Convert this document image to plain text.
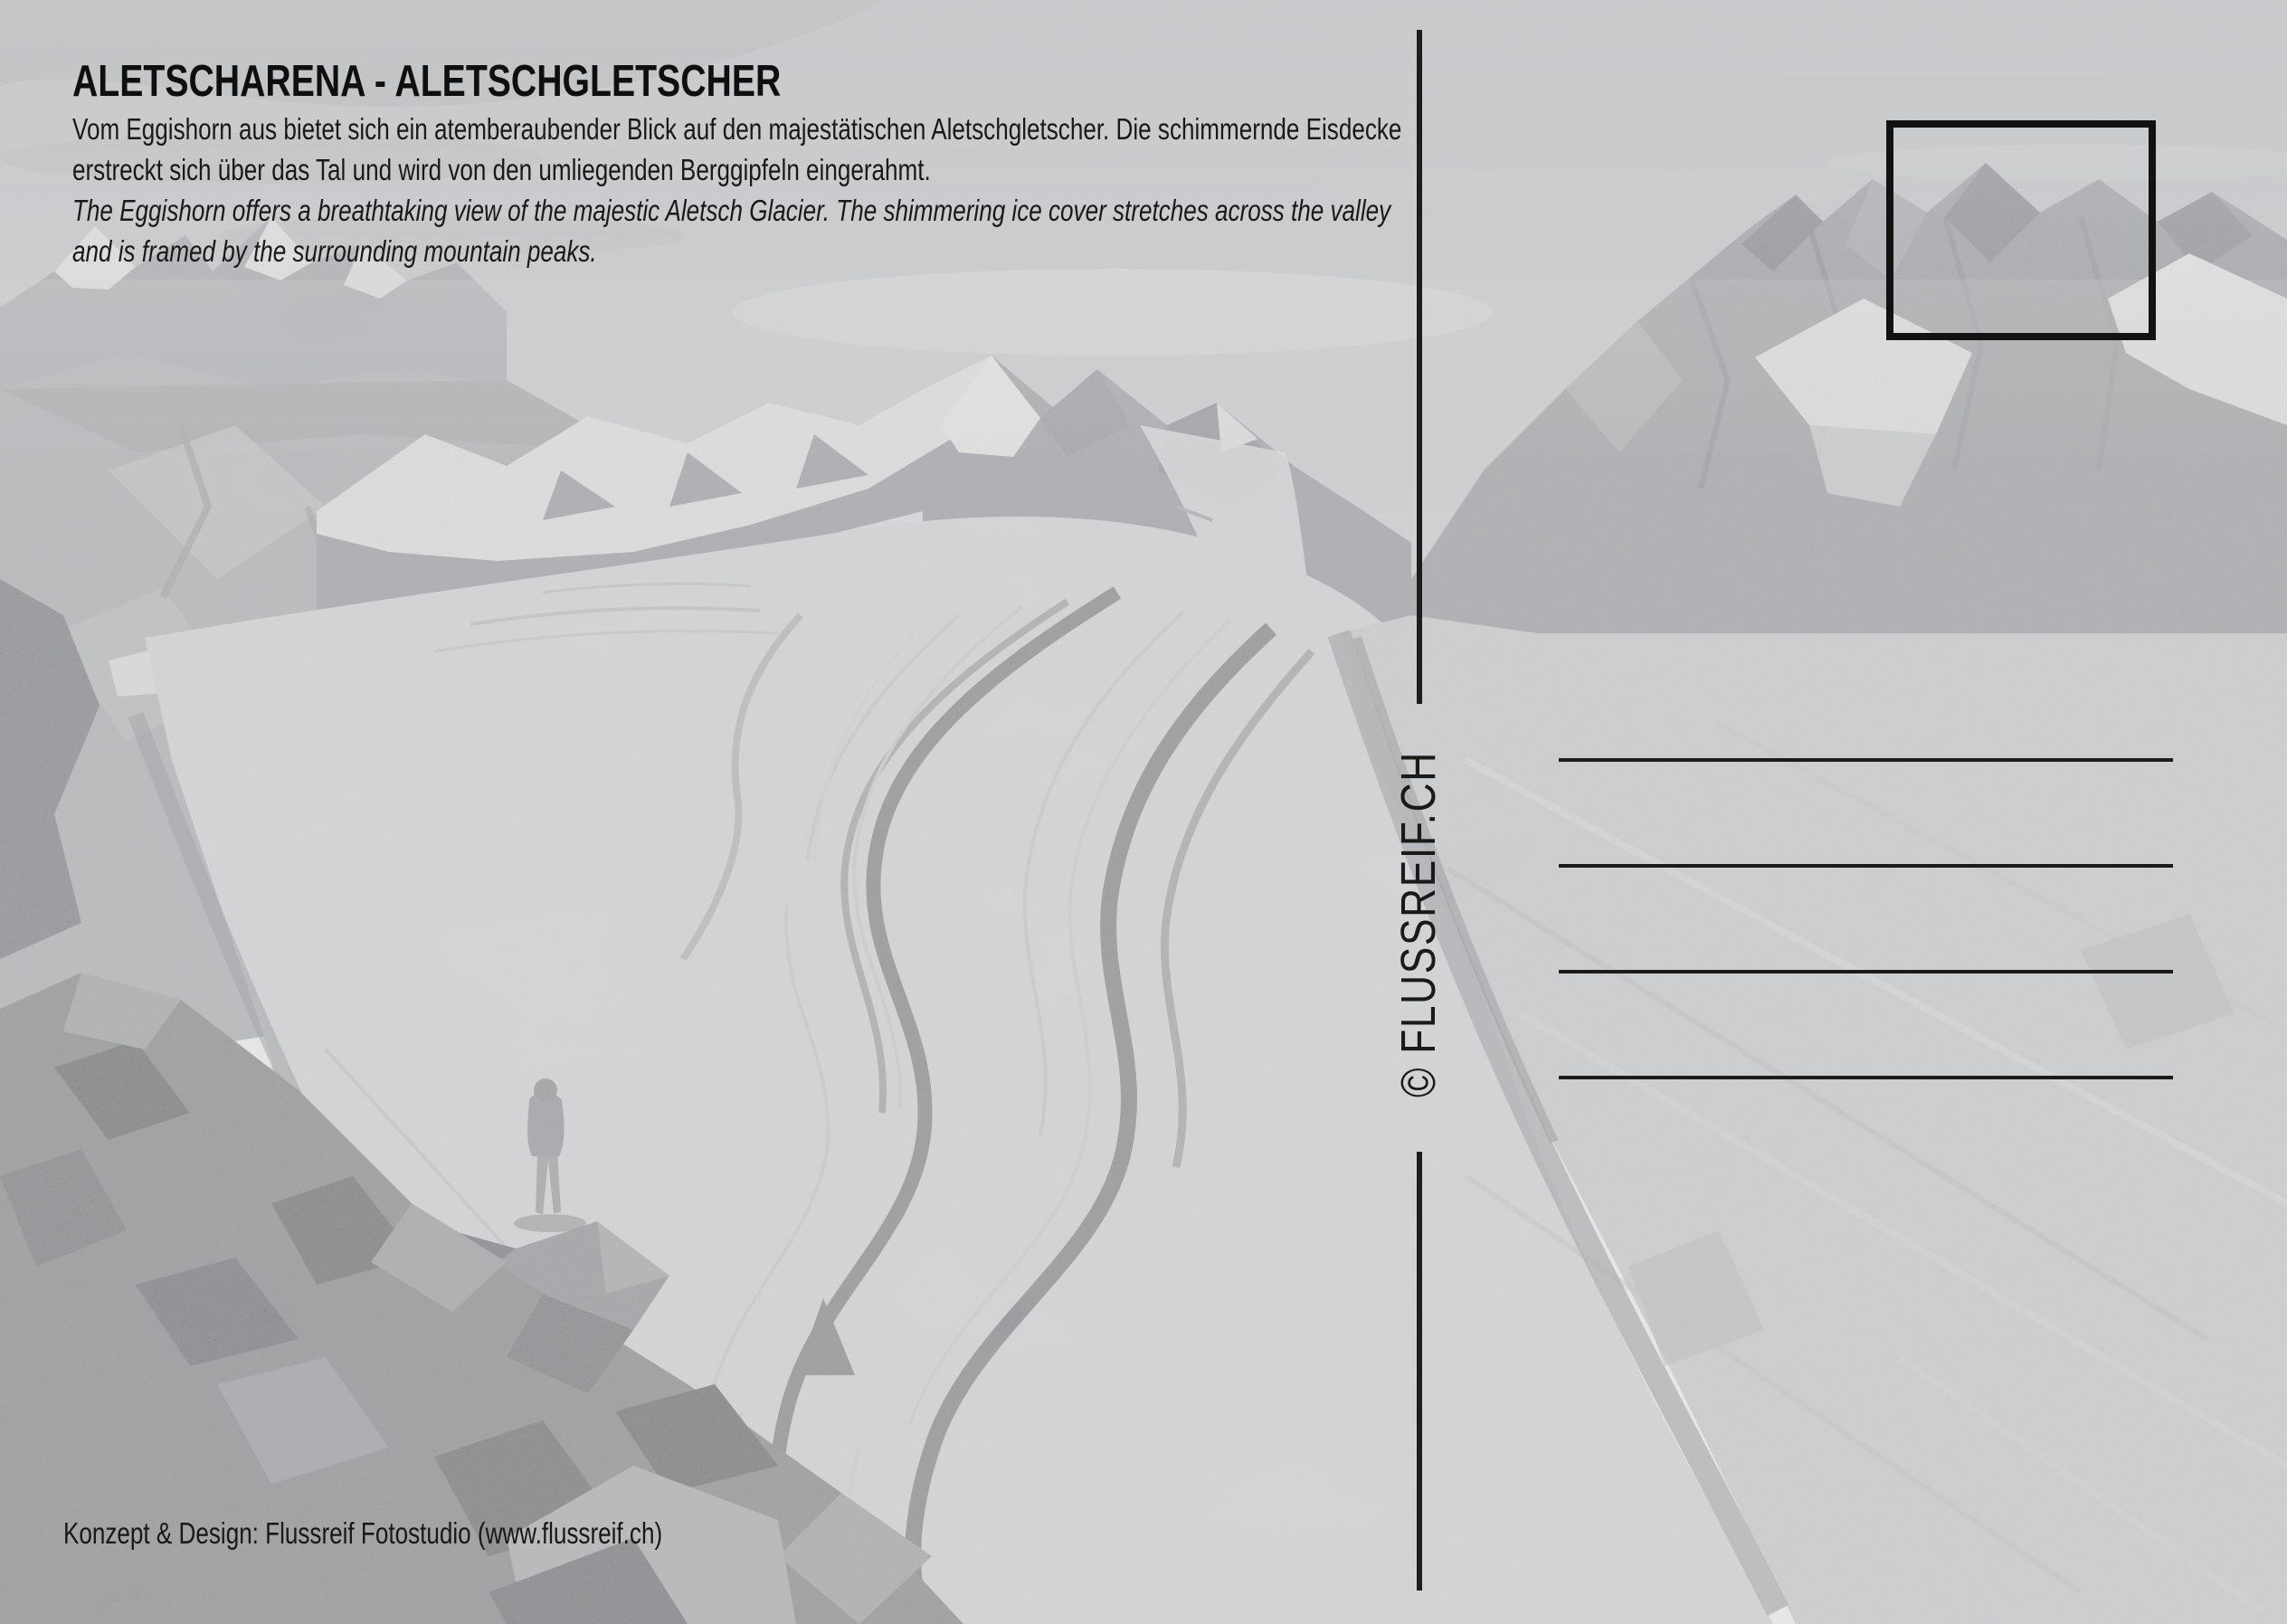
ALETSCHARENA - ALETSCHGLETSCHER
Vom Eggishorn aus bietet sich ein atemberaubender Blick auf den majestätischen Aletschgletscher. Die schimmernde Eisdecke
erstreckt sich über das Tal und wird von den umliegenden Berggipfeln eingerahmt.
The Eggishorn offers a breathtaking view of the majestic Aletsch Glacier. The shimmering ice cover stretches across the valley
and is framed by the surrounding mountain peaks.
© FLUSSREIF.CH
Konzept & Design: Flussreif Fotostudio (www.flussreif.ch)
